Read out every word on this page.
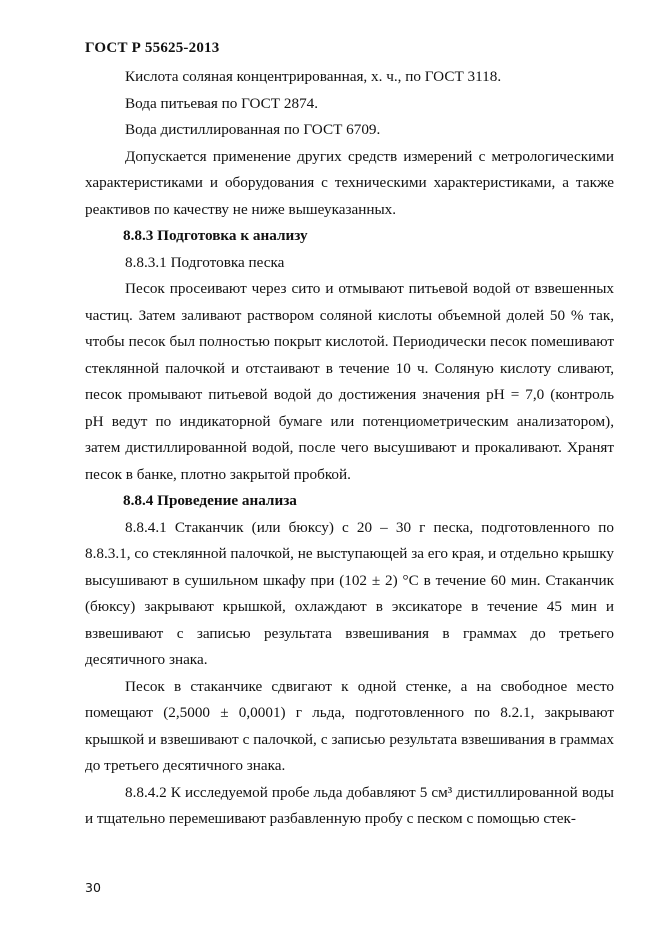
ГОСТ Р 55625-2013

Кислота соляная концентрированная, х. ч., по ГОСТ 3118.

Вода питьевая по ГОСТ 2874.

Вода дистиллированная по ГОСТ 6709.

Допускается применение других средств измерений с метрологическими характеристиками и оборудования с техническими характеристиками, а также реактивов по качеству не ниже вышеуказанных.

8.8.3 Подготовка к анализу

8.8.3.1 Подготовка песка

Песок просеивают через сито и отмывают питьевой водой от взвешенных частиц. Затем заливают раствором соляной кислоты объемной долей 50 % так, чтобы песок был полностью покрыт кислотой. Периодически песок помешивают стеклянной палочкой и отстаивают в течение 10 ч. Соляную кислоту сливают, песок промывают питьевой водой до достижения значения pH = 7,0 (контроль pH ведут по индикаторной бумаге или потенциометрическим анализатором), затем дистиллированной водой, после чего высушивают и прокаливают. Хранят песок в банке, плотно закрытой пробкой.

8.8.4 Проведение анализа

8.8.4.1 Стаканчик (или бюксу) с 20 – 30 г песка, подготовленного по 8.8.3.1, со стеклянной палочкой, не выступающей за его края, и отдельно крышку высушивают в сушильном шкафу при (102 ± 2) °С в течение 60 мин. Стаканчик (бюксу) закрывают крышкой, охлаждают в эксикаторе в течение 45 мин и взвешивают с записью результата взвешивания в граммах до третьего десятичного знака.

Песок в стаканчике сдвигают к одной стенке, а на свободное место помещают (2,5000 ± 0,0001) г льда, подготовленного по 8.2.1, закрывают крышкой и взвешивают с палочкой, с записью результата взвешивания в граммах до третьего десятичного знака.

8.8.4.2 К исследуемой пробе льда добавляют 5 см³ дистиллированной воды и тщательно перемешивают разбавленную пробу с песком с помощью стек-

30
